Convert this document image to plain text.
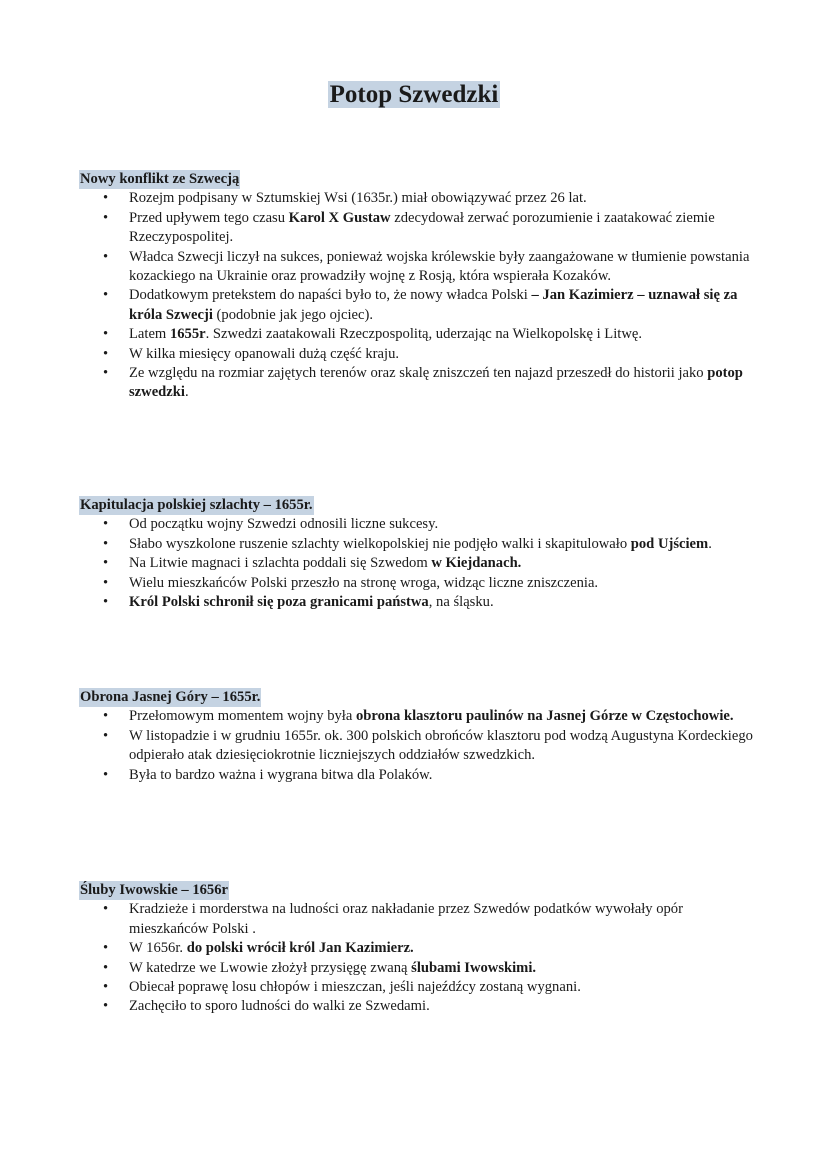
Potop Szwedzki
Nowy konflikt ze Szwecją
• Rozejm podpisany w Sztumskiej Wsi (1635r.) miał obowiązywać przez 26 lat.
• Przed upływem tego czasu Karol X Gustaw zdecydował zerwać porozumienie i zaatakować ziemie Rzeczypospolitej.
• Władca Szwecji liczył na sukces, ponieważ wojska królewskie były zaangażowane w tłumienie powstania kozackiego na Ukrainie oraz prowadziły wojnę z Rosją, która wspierała Kozaków.
• Dodatkowym pretekstem do napaści było to, że nowy władca Polski – Jan Kazimierz – uznawał się za króla Szwecji (podobnie jak jego ojciec).
• Latem 1655r. Szwedzi zaatakowali Rzeczpospolitą, uderzając na Wielkopolskę i Litwę.
• W kilka miesięcy opanowali dużą część kraju.
• Ze względu na rozmiar zajętych terenów oraz skalę zniszczeń ten najazd przeszedł do historii jako potop szwedzki.
Kapitulacja polskiej szlachty – 1655r.
• Od początku wojny Szwedzi odnosili liczne sukcesy.
• Słabo wyszkolone ruszenie szlachty wielkopolskiej nie podjęło walki i skapitulowało pod Ujściem.
• Na Litwie magnaci i szlachta poddali się Szwedom w Kiejdanach.
• Wielu mieszkańców Polski przeszło na stronę wroga, widząc liczne zniszczenia.
• Król Polski schronił się poza granicami państwa, na śląsku.
Obrona Jasnej Góry – 1655r.
• Przełomowym momentem wojny była obrona klasztoru paulinów na Jasnej Górze w Częstochowie.
• W listopadzie i w grudniu 1655r. ok. 300 polskich obrońców klasztoru pod wodzą Augustyna Kordeckiego odpierało atak dziesięciokrotnie liczniejszych oddziałów szwedzkich.
• Była to bardzo ważna i wygrana bitwa dla Polaków.
Śluby Iwowskie – 1656r
• Kradzieże i morderstwa na ludności oraz nakładanie przez Szwedów podatków wywołały opór mieszkańców Polski .
• W 1656r. do polski wrócił król Jan Kazimierz.
• W katedrze we Lwowie złożył przysięgę zwaną ślubami Iwowskimi.
• Obiecał poprawę losu chłopów i mieszczan, jeśli najeźdźcy zostaną wygnani.
• Zachęciło to sporo ludności do walki ze Szwedami.
